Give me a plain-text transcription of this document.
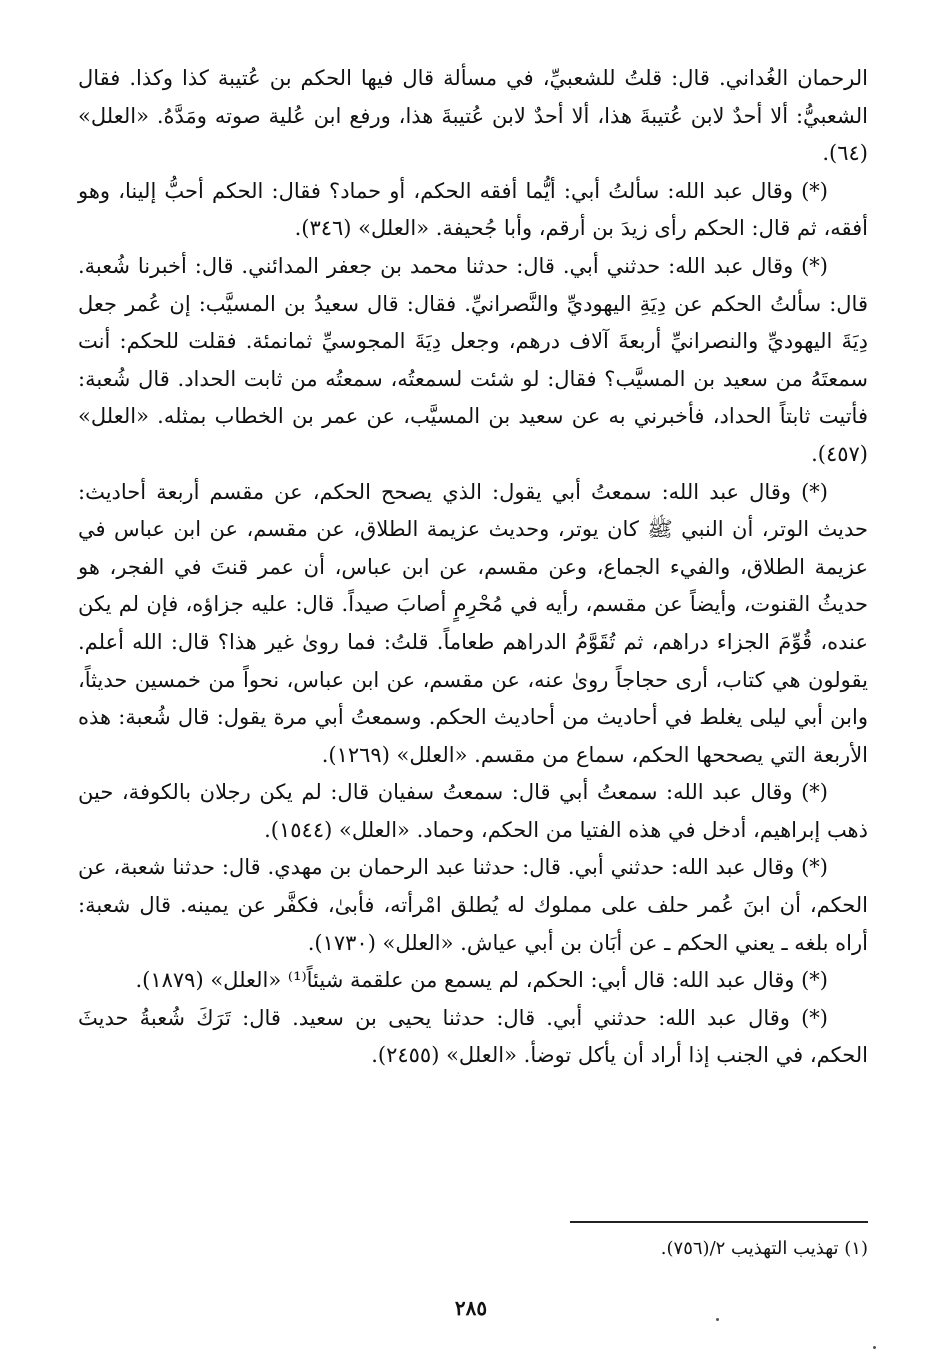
الرحمان الغُداني. قال: قلتُ للشعبيِّ، في مسألة قال فيها الحكم بن عُتيبة كذا وكذا. فقال الشعبيُّ: ألا أحدٌ لابن عُتيبةَ هذا، ألا أحدٌ لابن عُتيبةَ هذا، ورفع ابن عُلية صوته ومَدَّهُ. «العلل» (٦٤).

(*) وقال عبد الله: سألتُ أبي: أيُّما أفقه الحكم، أو حماد؟ فقال: الحكم أحبُّ إلينا، وهو أفقه، ثم قال: الحكم رأى زيدَ بن أرقم، وأبا جُحيفة. «العلل» (٣٤٦).

(*) وقال عبد الله: حدثني أبي. قال: حدثنا محمد بن جعفر المدائني. قال: أخبرنا شُعبة. قال: سألتُ الحكم عن دِيَةِ اليهوديِّ والنَّصرانيِّ. فقال: قال سعيدُ بن المسيَّب: إن عُمر جعل دِيَةَ اليهوديِّ والنصرانيِّ أربعةَ آلاف درهم، وجعل دِيَةَ المجوسيِّ ثمانمئة. فقلت للحكم: أنت سمعتَهُ من سعيد بن المسيَّب؟ فقال: لو شئت لسمعتُه، سمعتُه من ثابت الحداد. قال شُعبة: فأتيت ثابتاً الحداد، فأخبرني به عن سعيد بن المسيَّب، عن عمر بن الخطاب بمثله. «العلل» (٤٥٧).

(*) وقال عبد الله: سمعتُ أبي يقول: الذي يصحح الحكم، عن مقسم أربعة أحاديث: حديث الوتر، أن النبي ﷺ كان يوتر، وحديث عزيمة الطلاق، عن مقسم، عن ابن عباس في عزيمة الطلاق، والفيء الجماع، وعن مقسم، عن ابن عباس، أن عمر قنتَ في الفجر، هو حديثُ القنوت، وأيضاً عن مقسم، رأيه في مُحْرِمٍ أصابَ صيداً. قال: عليه جزاؤه، فإن لم يكن عنده، قُوِّمَ الجزاء دراهم، ثم تُقَوَّمُ الدراهم طعاماً. قلتُ: فما روىٰ غير هذا؟ قال: الله أعلم. يقولون هي كتاب، أرى حجاجاً روىٰ عنه، عن مقسم، عن ابن عباس، نحواً من خمسين حديثاً، وابن أبي ليلى يغلط في أحاديث من أحاديث الحكم. وسمعتُ أبي مرة يقول: قال شُعبة: هذه الأربعة التي يصححها الحكم، سماع من مقسم. «العلل» (١٢٦٩).

(*) وقال عبد الله: سمعتُ أبي قال: سمعتُ سفيان قال: لم يكن رجلان بالكوفة، حين ذهب إبراهيم، أدخل في هذه الفتيا من الحكم، وحماد. «العلل» (١٥٤٤).

(*) وقال عبد الله: حدثني أبي. قال: حدثنا عبد الرحمان بن مهدي. قال: حدثنا شعبة، عن الحكم، أن ابنَ عُمر حلف على مملوك له يُطلق امْرأته، فأبىٰ، فكفَّر عن يمينه. قال شعبة: أراه بلغه ـ يعني الحكم ـ عن أبَان بن أبي عياش. «العلل» (١٧٣٠).

(*) وقال عبد الله: قال أبي: الحكم، لم يسمع من علقمة شيئاً⁽¹⁾ «العلل» (١٨٧٩).

(*) وقال عبد الله: حدثني أبي. قال: حدثنا يحيى بن سعيد. قال: تَرَكَ شُعبةُ حديثَ الحكم، في الجنب إذا أراد أن يأكل توضأ. «العلل» (٢٤٥٥).

(١) تهذيب التهذيب ٢/(٧٥٦).
٢٨٥
